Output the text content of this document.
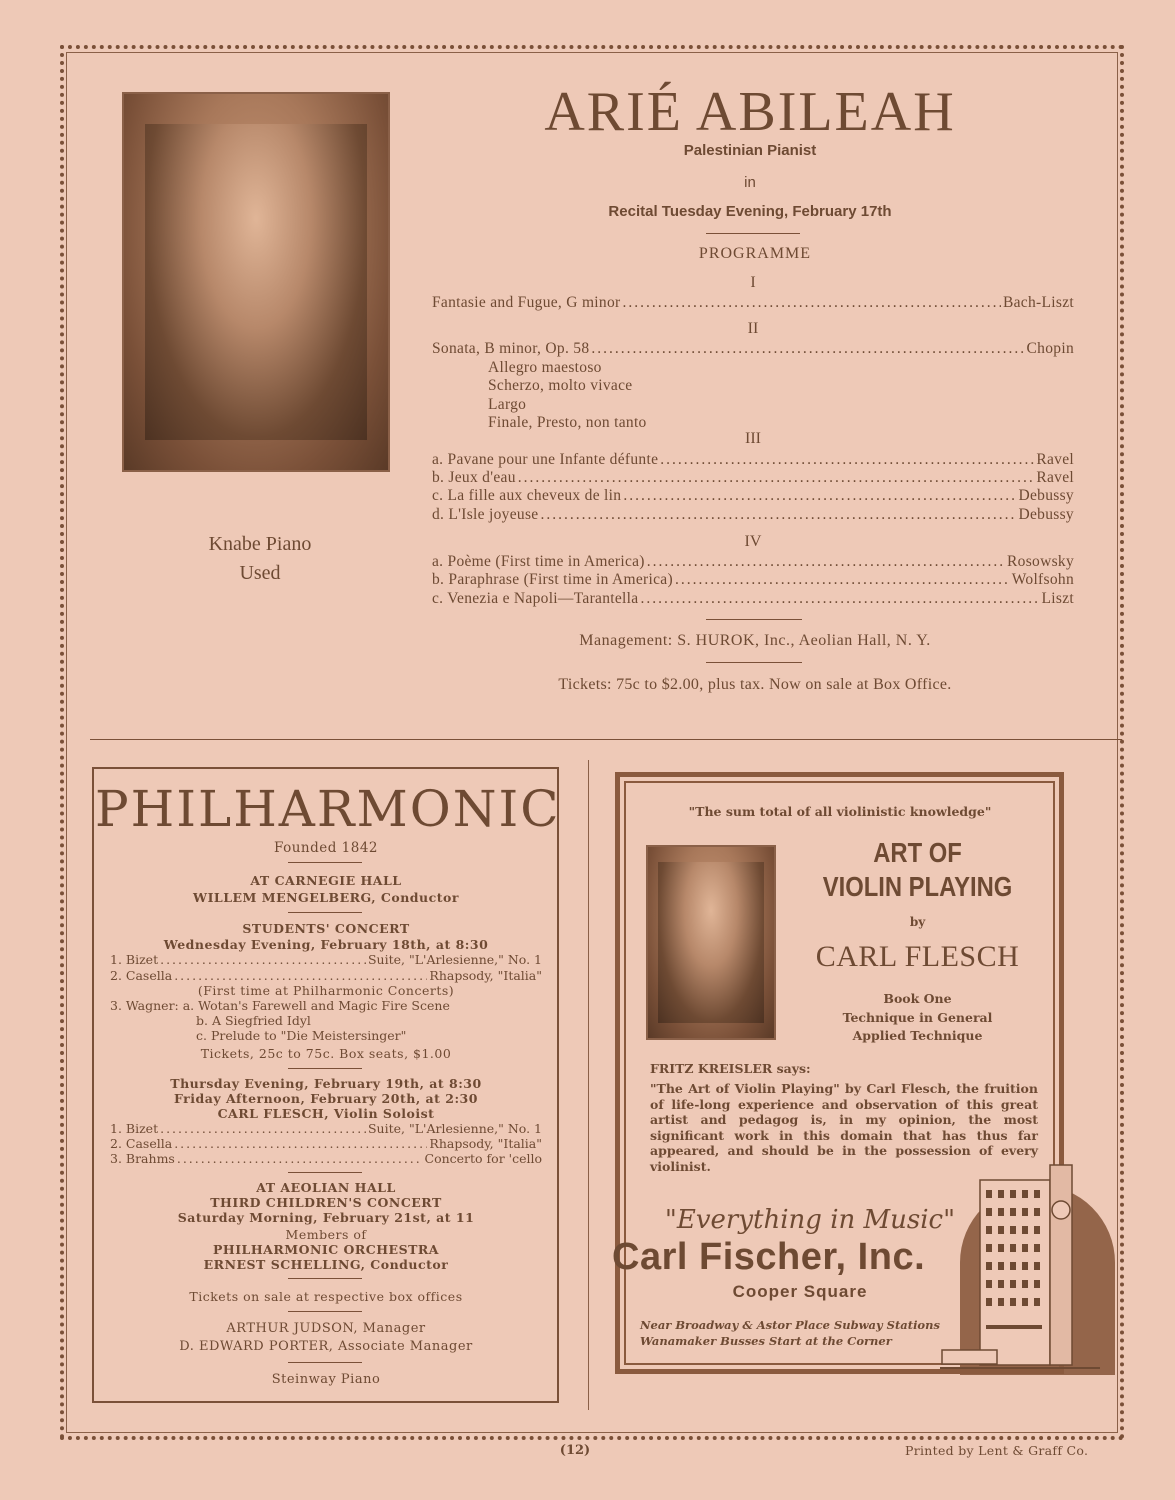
Knabe Piano
Used
ARIÉ ABILEAH
Palestinian Pianist
in
Recital Tuesday Evening, February 17th
PROGRAMME
I
Fantasie and Fugue, G minor .....	Bach-Liszt
II
Sonata, B minor, Op. 58 .....	Chopin
Allegro maestoso
Scherzo, molto vivace
Largo
Finale, Presto, non tanto
III
a. Pavane pour une Infante défunte .....	Ravel
b. Jeux d'eau .....	Ravel
c. La fille aux cheveux de lin .....	Debussy
d. L'Isle joyeuse .....	Debussy
IV
a. Poème (First time in America) .....	Rosowsky
b. Paraphrase (First time in America) .....	Wolfsohn
c. Venezia e Napoli—Tarantella .....	Liszt
Management: S. HUROK, Inc., Aeolian Hall, N. Y.
Tickets: 75c to $2.00, plus tax. Now on sale at Box Office.
PHILHARMONIC
Founded 1842
AT CARNEGIE HALL
WILLEM MENGELBERG, Conductor
STUDENTS' CONCERT
Wednesday Evening, February 18th, at 8:30
1. Bizet .....	Suite, "L'Arlesienne," No. 1
2. Casella .....	Rhapsody, "Italia"
(First time at Philharmonic Concerts)
3. Wagner: a. Wotan's Farewell and Magic Fire Scene
b. A Siegfried Idyl
c. Prelude to "Die Meistersinger"
Tickets, 25c to 75c. Box seats, $1.00
Thursday Evening, February 19th, at 8:30
Friday Afternoon, February 20th, at 2:30
CARL FLESCH, Violin Soloist
1. Bizet .....	Suite, "L'Arlesienne," No. 1
2. Casella .....	Rhapsody, "Italia"
3. Brahms .....	Concerto for 'cello
AT AEOLIAN HALL
THIRD CHILDREN'S CONCERT
Saturday Morning, February 21st, at 11
Members of
PHILHARMONIC ORCHESTRA
ERNEST SCHELLING, Conductor
Tickets on sale at respective box offices
ARTHUR JUDSON, Manager
D. EDWARD PORTER, Associate Manager
Steinway Piano
"The sum total of all violinistic knowledge"
ART OF
VIOLIN PLAYING
by
CARL FLESCH
Book One
Technique in General
Applied Technique
FRITZ KREISLER says:
"The Art of Violin Playing" by Carl Flesch, the fruition of life-long experience and observation of this great artist and pedagog is, in my opinion, the most significant work in this domain that has thus far appeared, and should be in the possession of every violinist.
"Everything in Music"
Carl Fischer, Inc.
Cooper Square
Near Broadway & Astor Place Subway Stations
Wanamaker Busses Start at the Corner
(12)	Printed by Lent & Graff Co.
